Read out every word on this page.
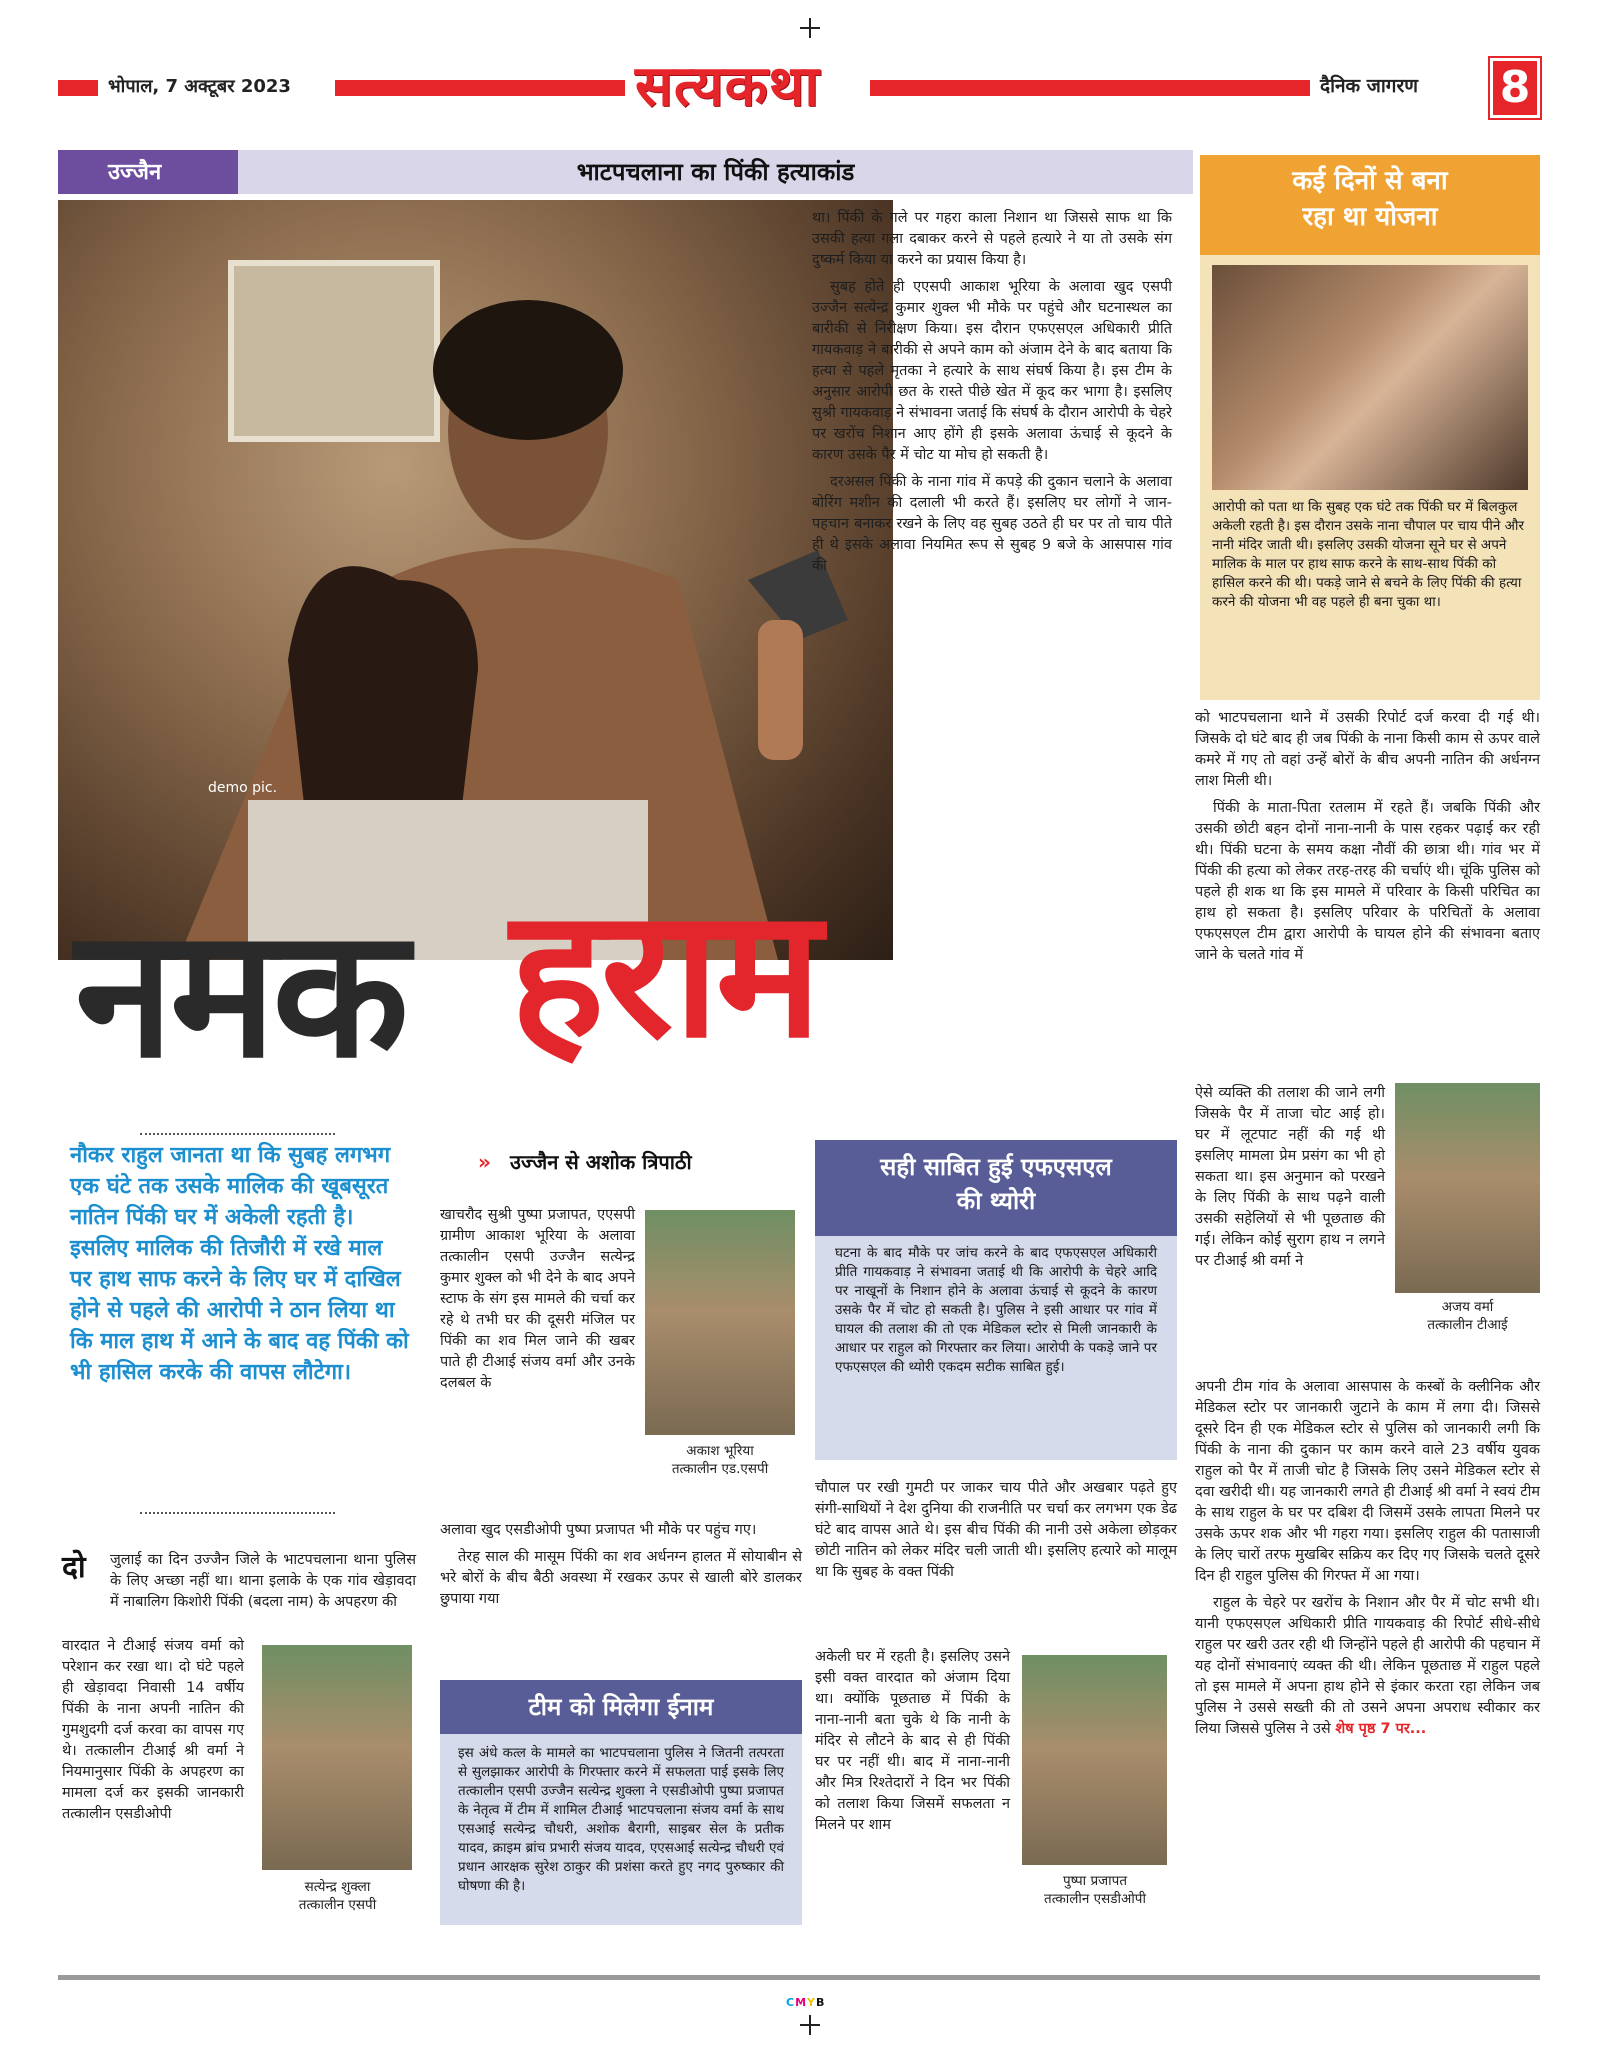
भोपाल, 7 अक्टूबर 2023	सत्यकथा	दैनिक जागरण 8
उज्जैन	भाटपचलाना का पिंकी हत्याकांड
demo pic.
नमक हराम

था। पिंकी के गले पर गहरा काला निशान था जिससे साफ था कि उसकी हत्या गला दबाकर करने से पहले हत्यारे ने या तो उसके संग दुष्कर्म किया या करने का प्रयास किया है।

सुबह होते ही एएसपी आकाश भूरिया के अलावा खुद एसपी उज्जैन सत्येन्द्र कुमार शुक्ल भी मौके पर पहुंचे और घटनास्थल का बारीकी से निरीक्षण किया। इस दौरान एफएसएल अधिकारी प्रीति गायकवाड़ ने बारीकी से अपने काम को अंजाम देने के बाद बताया कि हत्या से पहले मृतका ने हत्यारे के साथ संघर्ष किया है। इस टीम के अनुसार आरोपी छत के रास्ते पीछे खेत में कूद कर भागा है। इसलिए सुश्री गायकवाड़ ने संभावना जताई कि संघर्ष के दौरान आरोपी के चेहरे पर खरोंच निशान आए होंगे ही इसके अलावा ऊंचाई से कूदने के कारण उसके पैर में चोट या मोच हो सकती है।

दरअसल पिंकी के नाना गांव में कपड़े की दुकान चलाने के अलावा बोरिंग मशीन की दलाली भी करते हैं। इसलिए घर लोगों ने जान-पहचान बनाकर रखने के लिए वह सुबह उठते ही घर पर तो चाय पीते ही थे इसके अलावा नियमित रूप से सुबह 9 बजे के आसपास गांव की

कई दिनों से बना
रहा था योजना
आरोपी को पता था कि सुबह एक घंटे तक पिंकी घर में बिलकुल अकेली रहती है। इस दौरान उसके नाना चौपाल पर चाय पीने और नानी मंदिर जाती थी। इसलिए उसकी योजना सूने घर से अपने मालिक के माल पर हाथ साफ करने के साथ-साथ पिंकी को हासिल करने की थी। पकड़े जाने से बचने के लिए पिंकी की हत्या करने की योजना भी वह पहले ही बना चुका था।

को भाटपचलाना थाने में उसकी रिपोर्ट दर्ज करवा दी गई थी। जिसके दो घंटे बाद ही जब पिंकी के नाना किसी काम से ऊपर वाले कमरे में गए तो वहां उन्हें बोरों के बीच अपनी नातिन की अर्धनग्न लाश मिली थी।

पिंकी के माता-पिता रतलाम में रहते हैं। जबकि पिंकी और उसकी छोटी बहन दोनों नाना-नानी के पास रहकर पढ़ाई कर रही थी। पिंकी घटना के समय कक्षा नौवीं की छात्रा थी। गांव भर में पिंकी की हत्या को लेकर तरह-तरह की चर्चाएं थी। चूंकि पुलिस को पहले ही शक था कि इस मामले में परिवार के किसी परिचित का हाथ हो सकता है। इसलिए परिवार के परिचितों के अलावा एफएसएल टीम द्वारा आरोपी के घायल होने की संभावना बताए जाने के चलते गांव में

ऐसे व्यक्ति की तलाश की जाने लगी जिसके पैर में ताजा चोट आई हो। घर में लूटपाट नहीं की गई थी इसलिए मामला प्रेम प्रसंग का भी हो सकता था। इस अनुमान को परखने के लिए पिंकी के साथ पढ़ने वाली उसकी सहेलियों से भी पूछताछ की गई। लेकिन कोई सुराग हाथ न लगने पर टीआई श्री वर्मा ने

अजय वर्मा
तत्कालीन टीआई

अपनी टीम गांव के अलावा आसपास के कस्बों के क्लीनिक और मेडिकल स्टोर पर जानकारी जुटाने के काम में लगा दी। जिससे दूसरे दिन ही एक मेडिकल स्टोर से पुलिस को जानकारी लगी कि पिंकी के नाना की दुकान पर काम करने वाले 23 वर्षीय युवक राहुल को पैर में ताजी चोट है जिसके लिए उसने मेडिकल स्टोर से दवा खरीदी थी। यह जानकारी लगते ही टीआई श्री वर्मा ने स्वयं टीम के साथ राहुल के घर पर दबिश दी जिसमें उसके लापता मिलने पर उसके ऊपर शक और भी गहरा गया। इसलिए राहुल की पतासाजी के लिए चारों तरफ मुखबिर सक्रिय कर दिए गए जिसके चलते दूसरे दिन ही राहुल पुलिस की गिरफ्त में आ गया।

राहुल के चेहरे पर खरोंच के निशान और पैर में चोट सभी थी। यानी एफएसएल अधिकारी प्रीति गायकवाड़ की रिपोर्ट सीधे-सीधे राहुल पर खरी उतर रही थी जिन्होंने पहले ही आरोपी की पहचान में यह दोनों संभावनाएं व्यक्त की थी। लेकिन पूछताछ में राहुल पहले तो इस मामले में अपना हाथ होने से इंकार करता रहा लेकिन जब पुलिस ने उससे सख्ती की तो उसने अपना अपराध स्वीकार कर लिया जिससे पुलिस ने उसे शेष पृष्ठ 7 पर...

नौकर राहुल जानता था कि सुबह लगभग एक घंटे तक उसके मालिक की खूबसूरत नातिन पिंकी घर में अकेली रहती है। इसलिए मालिक की तिजौरी में रखे माल पर हाथ साफ करने के लिए घर में दाखिल होने से पहले की आरोपी ने ठान लिया था कि माल हाथ में आने के बाद वह पिंकी को भी हासिल करके की वापस लौटेगा।
» उज्जैन से अशोक त्रिपाठी

खाचरौद सुश्री पुष्पा प्रजापत, एएसपी ग्रामीण आकाश भूरिया के अलावा तत्कालीन एसपी उज्जैन सत्येन्द्र कुमार शुक्ल को भी देने के बाद अपने स्टाफ के संग इस मामले की चर्चा कर रहे थे तभी घर की दूसरी मंजिल पर पिंकी का शव मिल जाने की खबर पाते ही टीआई संजय वर्मा और उनके दलबल के

अकाश भूरिया
तत्कालीन एड.एसपी

अलावा खुद एसडीओपी पुष्पा प्रजापत भी मौके पर पहुंच गए।

तेरह साल की मासूम पिंकी का शव अर्धनग्न हालत में सोयाबीन से भरे बोरों के बीच बैठी अवस्था में रखकर ऊपर से खाली बोरे डालकर छुपाया गया

सही साबित हुई एफएसएल
की थ्योरी
घटना के बाद मौके पर जांच करने के बाद एफएसएल अधिकारी प्रीति गायकवाड़ ने संभावना जताई थी कि आरोपी के चेहरे आदि पर नाखूनों के निशान होने के अलावा ऊंचाई से कूदने के कारण उसके पैर में चोट हो सकती है। पुलिस ने इसी आधार पर गांव में घायल की तलाश की तो एक मेडिकल स्टोर से मिली जानकारी के आधार पर राहुल को गिरफ्तार कर लिया। आरोपी के पकड़े जाने पर एफएसएल की थ्योरी एकदम सटीक साबित हुई।

चौपाल पर रखी गुमटी पर जाकर चाय पीते और अखबार पढ़ते हुए संगी-साथियों ने देश दुनिया की राजनीति पर चर्चा कर लगभग एक डेढ घंटे बाद वापस आते थे। इस बीच पिंकी की नानी उसे अकेला छोड़कर छोटी नातिन को लेकर मंदिर चली जाती थी। इसलिए हत्यारे को मालूम था कि सुबह के वक्त पिंकी

अकेली घर में रहती है। इसलिए उसने इसी वक्त वारदात को अंजाम दिया था। क्योंकि पूछताछ में पिंकी के नाना-नानी बता चुके थे कि नानी के मंदिर से लौटने के बाद से ही पिंकी घर पर नहीं थी। बाद में नाना-नानी और मित्र रिश्तेदारों ने दिन भर पिंकी को तलाश किया जिसमें सफलता न मिलने पर शाम

पुष्पा प्रजापत
तत्कालीन एसडीओपी
टीम को मिलेगा ईनाम
इस अंधे कत्ल के मामले का भाटपचलाना पुलिस ने जितनी तत्परता से सुलझाकर आरोपी के गिरफ्तार करने में सफलता पाई इसके लिए तत्कालीन एसपी उज्जैन सत्येन्द्र शुक्ला ने एसडीओपी पुष्पा प्रजापत के नेतृत्व में टीम में शामिल टीआई भाटपचलाना संजय वर्मा के साथ एसआई सत्येन्द्र चौधरी, अशोक बैरागी, साइबर सेल के प्रतीक यादव, क्राइम ब्रांच प्रभारी संजय यादव, एएसआई सत्येन्द्र चौधरी एवं प्रधान आरक्षक सुरेश ठाकुर की प्रशंसा करते हुए नगद पुरुष्कार की घोषणा की है।
दो जुलाई का दिन उज्जैन जिले के भाटपचलाना थाना पुलिस के लिए अच्छा नहीं था। थाना इलाके के एक गांव खेड़ावदा में नाबालिग किशोरी पिंकी (बदला नाम) के अपहरण की

वारदात ने टीआई संजय वर्मा को परेशान कर रखा था। दो घंटे पहले ही खेड़ावदा निवासी 14 वर्षीय पिंकी के नाना अपनी नातिन की गुमशुदगी दर्ज करवा का वापस गए थे। तत्कालीन टीआई श्री वर्मा ने नियमानुसार पिंकी के अपहरण का मामला दर्ज कर इसकी जानकारी तत्कालीन एसडीओपी

सत्येन्द्र शुक्ला
तत्कालीन एसपी
CMYB
